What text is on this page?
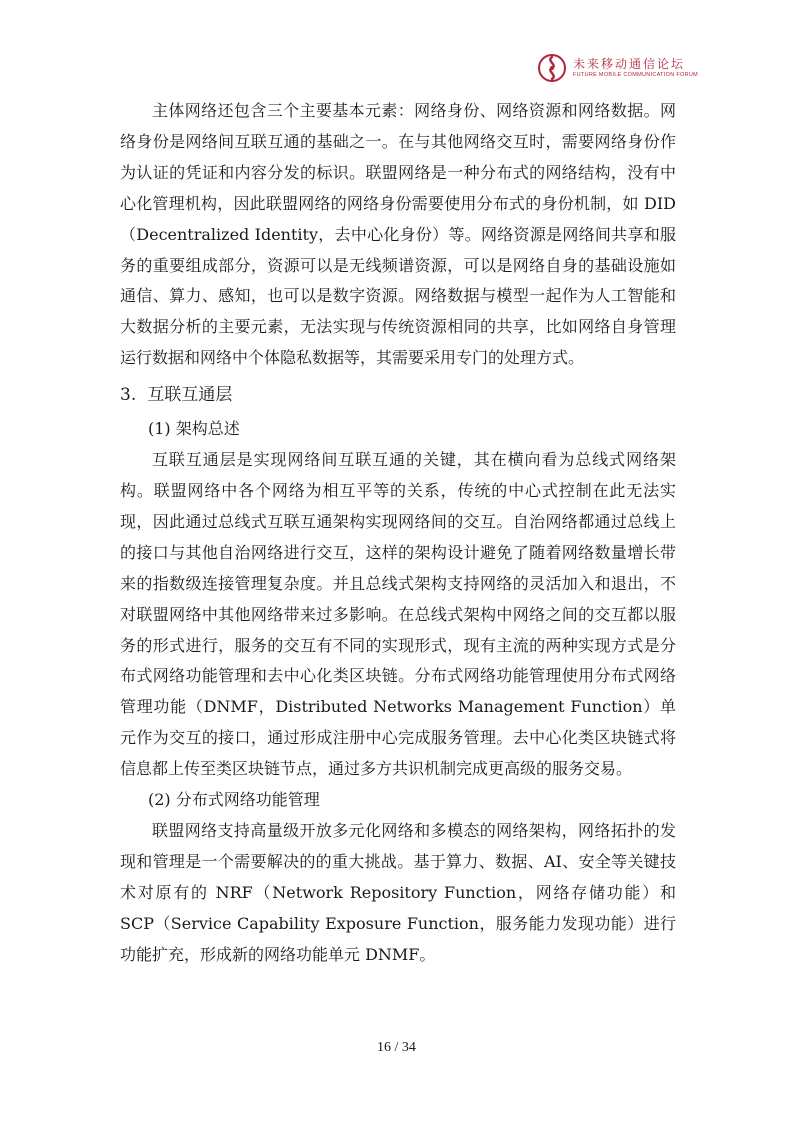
未来移动通信论坛
FUTURE MOBILE COMMUNICATION FORUM

主体网络还包含三个主要基本元素：网络身份、网络资源和网络数据。网络身份是网络间互联互通的基础之一。在与其他网络交互时，需要网络身份作为认证的凭证和内容分发的标识。联盟网络是一种分布式的网络结构，没有中心化管理机构，因此联盟网络的网络身份需要使用分布式的身份机制，如 DID（Decentralized Identity，去中心化身份）等。网络资源是网络间共享和服务的重要组成部分，资源可以是无线频谱资源，可以是网络自身的基础设施如通信、算力、感知，也可以是数字资源。网络数据与模型一起作为人工智能和大数据分析的主要元素，无法实现与传统资源相同的共享，比如网络自身管理运行数据和网络中个体隐私数据等，其需要采用专门的处理方式。

3. 互联互通层
(1) 架构总述

互联互通层是实现网络间互联互通的关键，其在横向看为总线式网络架构。联盟网络中各个网络为相互平等的关系，传统的中心式控制在此无法实现，因此通过总线式互联互通架构实现网络间的交互。自治网络都通过总线上的接口与其他自治网络进行交互，这样的架构设计避免了随着网络数量增长带来的指数级连接管理复杂度。并且总线式架构支持网络的灵活加入和退出，不对联盟网络中其他网络带来过多影响。在总线式架构中网络之间的交互都以服务的形式进行，服务的交互有不同的实现形式，现有主流的两种实现方式是分布式网络功能管理和去中心化类区块链。分布式网络功能管理使用分布式网络管理功能（DNMF，Distributed Networks Management Function）单元作为交互的接口，通过形成注册中心完成服务管理。去中心化类区块链式将信息都上传至类区块链节点，通过多方共识机制完成更高级的服务交易。

(2) 分布式网络功能管理

联盟网络支持高量级开放多元化网络和多模态的网络架构，网络拓扑的发现和管理是一个需要解决的的重大挑战。基于算力、数据、AI、安全等关键技术对原有的 NRF（Network Repository Function，网络存储功能）和 SCP（Service Capability Exposure Function，服务能力发现功能）进行功能扩充，形成新的网络功能单元 DNMF。

16 / 34
